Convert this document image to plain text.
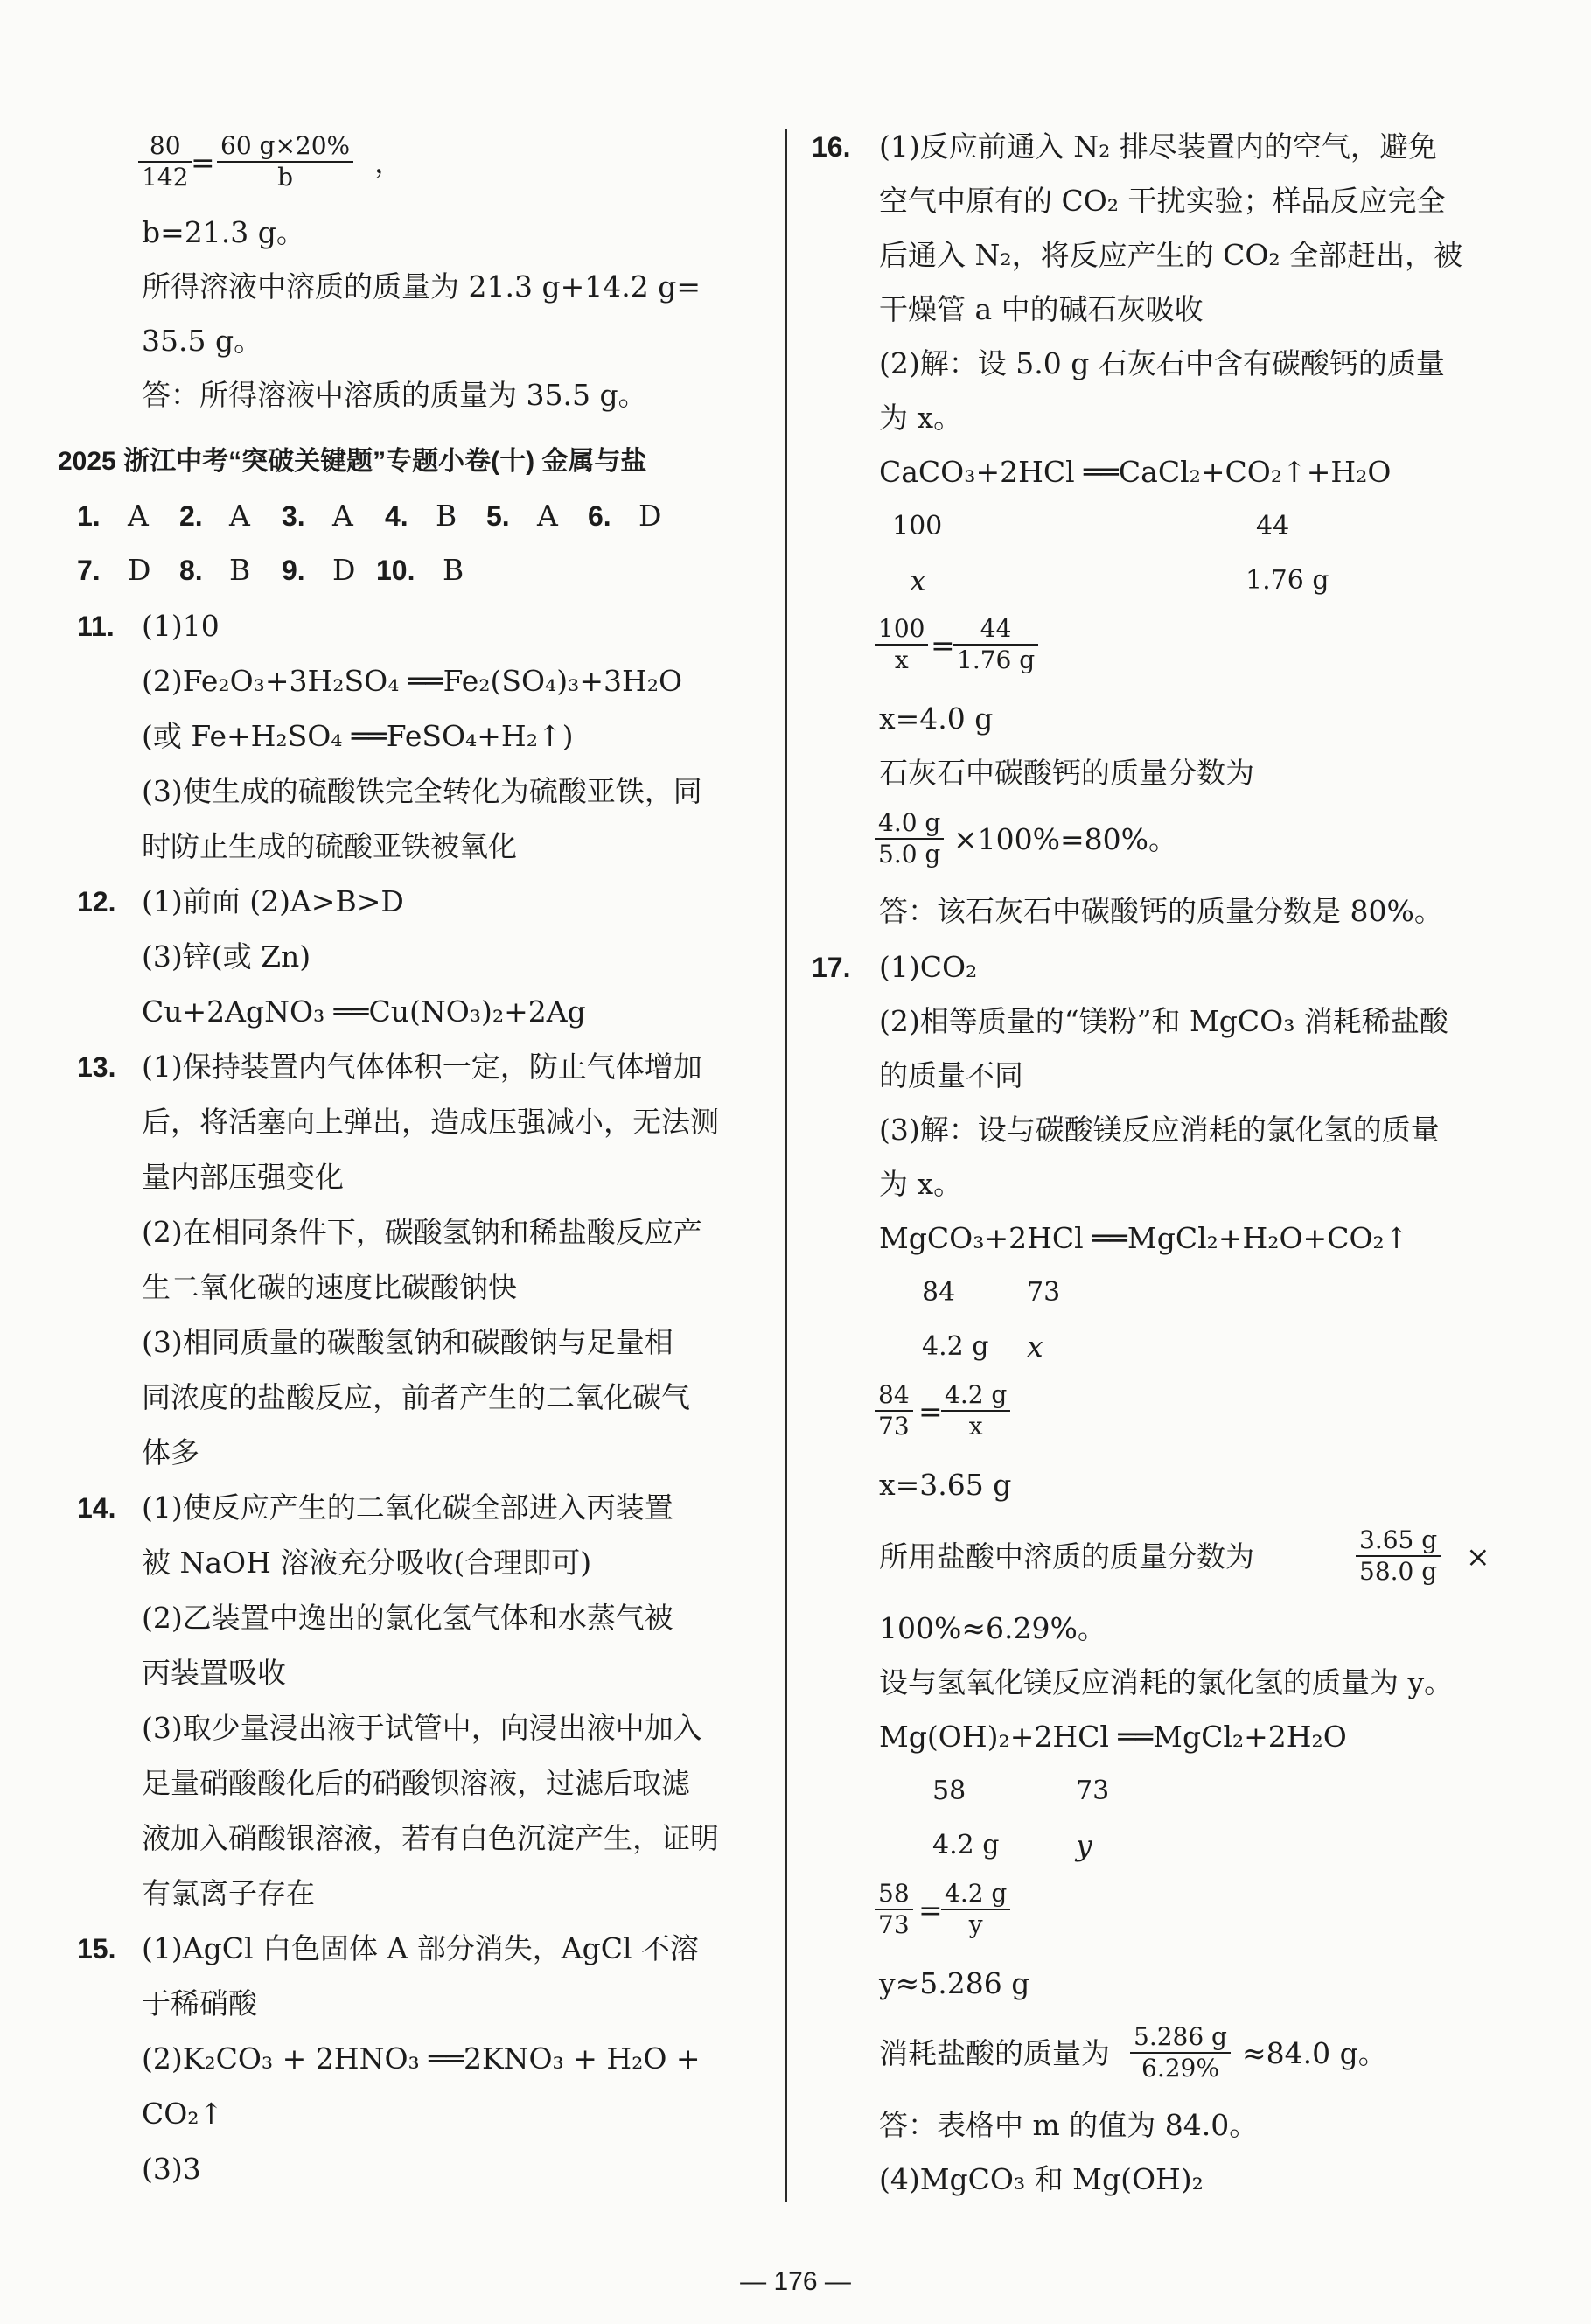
$\frac{80}{142}$
= $\frac{60 g\times 20\%}{b}$ ，
b=21.3 g。
所得溶液中溶质的质量为 21.3 g+14.2 g=
35.5 g。
答：所得溶液中溶质的质量为 35.5 g。
2025 浙江中考“突破关键题”专题小卷(十) 金属与盐
1. A 2. A 3. A 4. B 5. A 6. D
7. D 8. B 9. D 10. B
11. (1)10
(2)Fe₂O₃+3H₂SO₄ ══Fe₂(SO₄)₃+3H₂O
(或 Fe+H₂SO₄ ══FeSO₄+H₂↑)
(3)使生成的硫酸铁完全转化为硫酸亚铁，同
时防止生成的硫酸亚铁被氧化
12. (1)前面 (2)A>B>D
(3)锌(或 Zn)
Cu+2AgNO₃ ══Cu(NO₃)₂+2Ag
13. (1)保持装置内气体体积一定，防止气体增加
后，将活塞向上弹出，造成压强减小，无法测
量内部压强变化
(2)在相同条件下，碳酸氢钠和稀盐酸反应产
生二氧化碳的速度比碳酸钠快
(3)相同质量的碳酸氢钠和碳酸钠与足量相
同浓度的盐酸反应，前者产生的二氧化碳气
体多
14. (1)使反应产生的二氧化碳全部进入丙装置
被 NaOH 溶液充分吸收(合理即可)
(2)乙装置中逸出的氯化氢气体和水蒸气被
丙装置吸收
(3)取少量浸出液于试管中，向浸出液中加入
足量硝酸酸化后的硝酸钡溶液，过滤后取滤
液加入硝酸银溶液，若有白色沉淀产生，证明
有氯离子存在
15. (1)AgCl 白色固体 A 部分消失，AgCl 不溶
于稀硝酸
(2)K₂CO₃ + 2HNO₃ ══2KNO₃ + H₂O +
CO₂↑
(3)3
16. (1)反应前通入 N₂ 排尽装置内的空气，避免
空气中原有的 CO₂ 干扰实验；样品反应完全
后通入 N₂，将反应产生的 CO₂ 全部赶出，被
干燥管 a 中的碱石灰吸收
(2)解：设 5.0 g 石灰石中含有碳酸钙的质量
为 x。
CaCO₃+2HCl ══CaCl₂+CO₂↑+H₂O
100	44
x	1.76 g
$\frac{100}{x}$ =
$\frac{44}{1.76 g}$
x=4.0 g
石灰石中碳酸钙的质量分数为
$\frac{4.0 g}{5.0 g} \times 100\%=80\%$。
答：该石灰石中碳酸钙的质量分数是 80%。
17. (1)CO₂
(2)相等质量的“镁粉”和 MgCO₃ 消耗稀盐酸
的质量不同
(3)解：设与碳酸镁反应消耗的氯化氢的质量
为 x。
MgCO₃+2HCl ══MgCl₂+H₂O+CO₂↑
84	73
4.2 g x
$\frac{84}{73}$ =
$\frac{4.2 g}{x}$
x=3.65 g
所用盐酸中溶质的质量分数为	$\frac{3.65 g}{58.0 g}$ ×
100%≈6.29%。
设与氢氧化镁反应消耗的氯化氢的质量为 y。
Mg(OH)₂+2HCl ══MgCl₂+2H₂O
58	73
4.2 g	y
$\frac{58}{73}$ =
$\frac{4.2 g}{y}$
y≈5.286 g
消耗盐酸的质量为 $\frac{5.286 g}{6.29\%} \approx 84.0$ g。
答：表格中 m 的值为 84.0。
(4)MgCO₃ 和 Mg(OH)₂
— 176 —
